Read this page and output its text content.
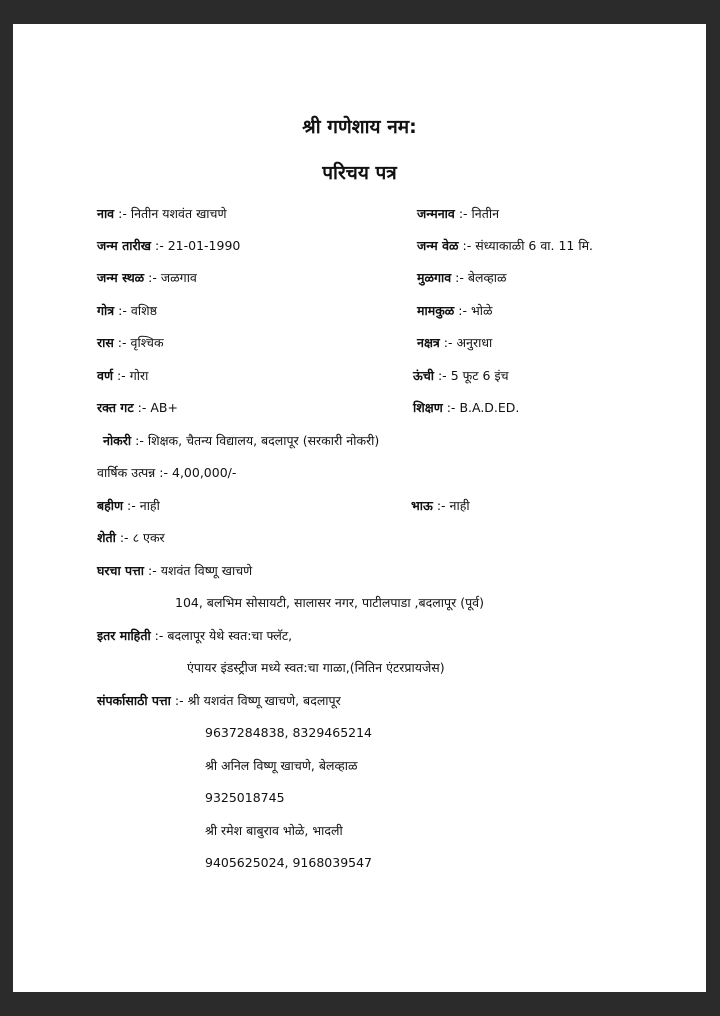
श्री गणेशाय नम:
परिचय पत्र
नाव :- नितीन यशवंत खाचणे	जन्मनाव :- नितीन
जन्म तारीख :- 21-01-1990	जन्म वेळ :- संध्याकाळी 6 वा. 11 मि.
जन्म स्थळ :- जळगाव	मुळगाव :- बेलव्हाळ
गोत्र :- वशिष्ठ	मामकुळ :- भोळे
रास :- वृश्चिक	नक्षत्र :- अनुराधा
वर्ण :- गोरा	ऊंची :- 5 फूट 6 इंच
रक्त गट :- AB+	शिक्षण :- B.A.D.ED.
नोकरी :- शिक्षक, चैतन्य विद्यालय, बदलापूर (सरकारी नोकरी)
वार्षिक उत्पन्न :- 4,00,000/-
बहीण :- नाही	भाऊ :- नाही
शेती :- ८ एकर
घरचा पत्ता :- यशवंत विष्णू खाचणे
104, बलभिम सोसायटी, सालासर नगर, पाटीलपाडा ,बदलापूर (पूर्व)
इतर माहिती :- बदलापूर येथे स्वत:चा फ्लॅट,
एंपायर इंडस्ट्रीज मध्ये स्वत:चा गाळा,(नितिन एंटरप्रायजेस)
संपर्कासाठी पत्ता :- श्री यशवंत विष्णू खाचणे, बदलापूर
9637284838, 8329465214
श्री अनिल विष्णू खाचणे, बेलव्हाळ
9325018745
श्री रमेश बाबुराव भोळे, भादली
9405625024, 9168039547
